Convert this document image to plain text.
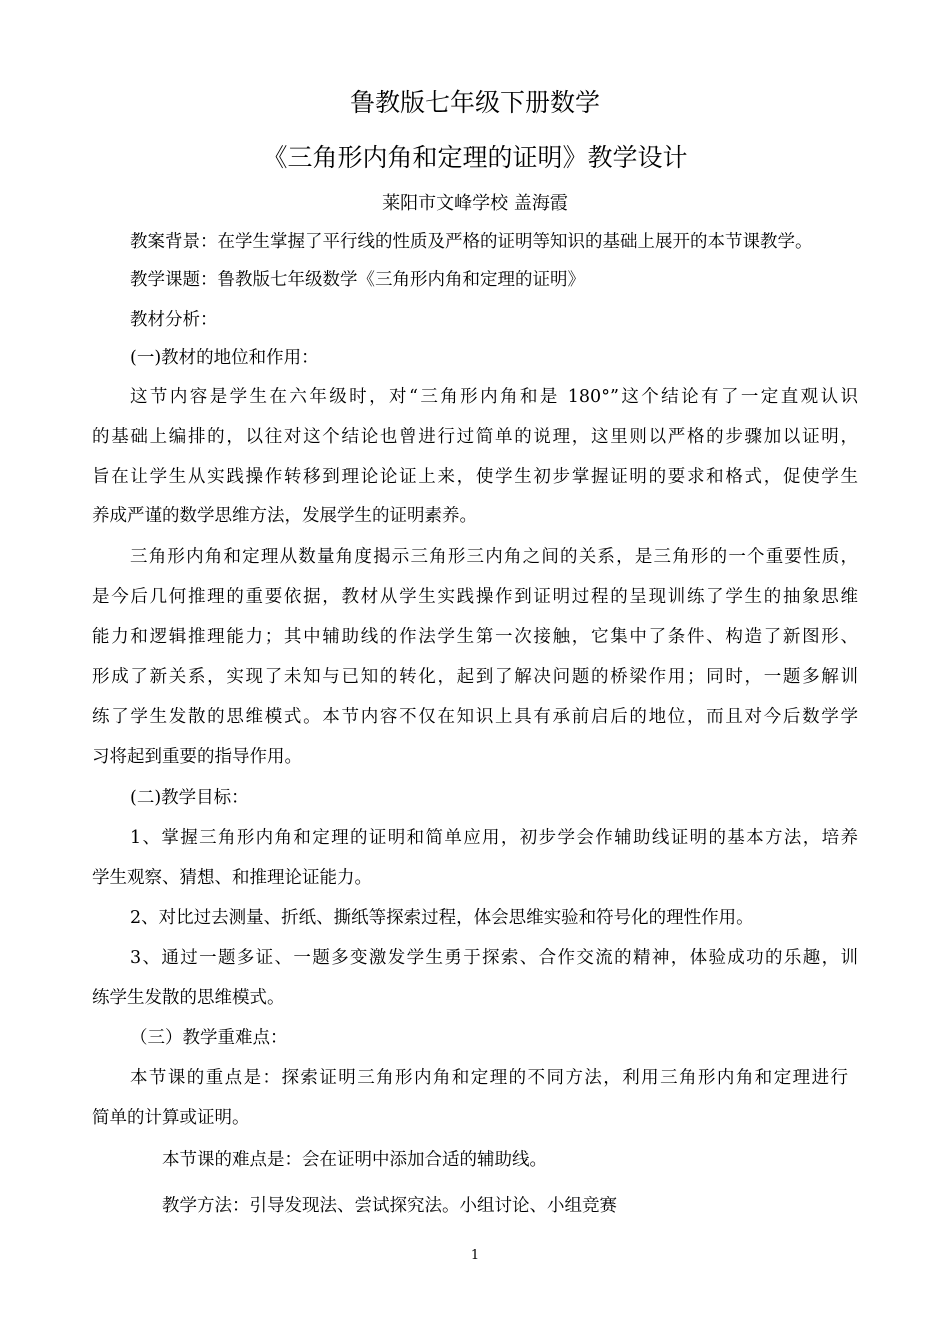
鲁教版七年级下册数学
《三角形内角和定理的证明》教学设计
莱阳市文峰学校 盖海霞
教案背景：在学生掌握了平行线的性质及严格的证明等知识的基础上展开的本节课教学。
教学课题：鲁教版七年级数学《三角形内角和定理的证明》
教材分析：
(一)教材的地位和作用：
这节内容是学生在六年级时，对“三角形内角和是 180°”这个结论有了一定直观认识
的基础上编排的，以往对这个结论也曾进行过简单的说理，这里则以严格的步骤加以证明，
旨在让学生从实践操作转移到理论论证上来，使学生初步掌握证明的要求和格式，促使学生
养成严谨的数学思维方法，发展学生的证明素养。
三角形内角和定理从数量角度揭示三角形三内角之间的关系，是三角形的一个重要性质，
是今后几何推理的重要依据，教材从学生实践操作到证明过程的呈现训练了学生的抽象思维
能力和逻辑推理能力；其中辅助线的作法学生第一次接触，它集中了条件、构造了新图形、
形成了新关系，实现了未知与已知的转化，起到了解决问题的桥梁作用；同时，一题多解训
练了学生发散的思维模式。本节内容不仅在知识上具有承前启后的地位，而且对今后数学学
习将起到重要的指导作用。
(二)教学目标：
1、掌握三角形内角和定理的证明和简单应用，初步学会作辅助线证明的基本方法，培养
学生观察、猜想、和推理论证能力。
2、对比过去测量、折纸、撕纸等探索过程，体会思维实验和符号化的理性作用。
3、通过一题多证、一题多变激发学生勇于探索、合作交流的精神，体验成功的乐趣，训
练学生发散的思维模式。
（三）教学重难点：
本节课的重点是：探索证明三角形内角和定理的不同方法，利用三角形内角和定理进行
简单的计算或证明。
本节课的难点是：会在证明中添加合适的辅助线。
教学方法：引导发现法、尝试探究法。小组讨论、小组竞赛
1
